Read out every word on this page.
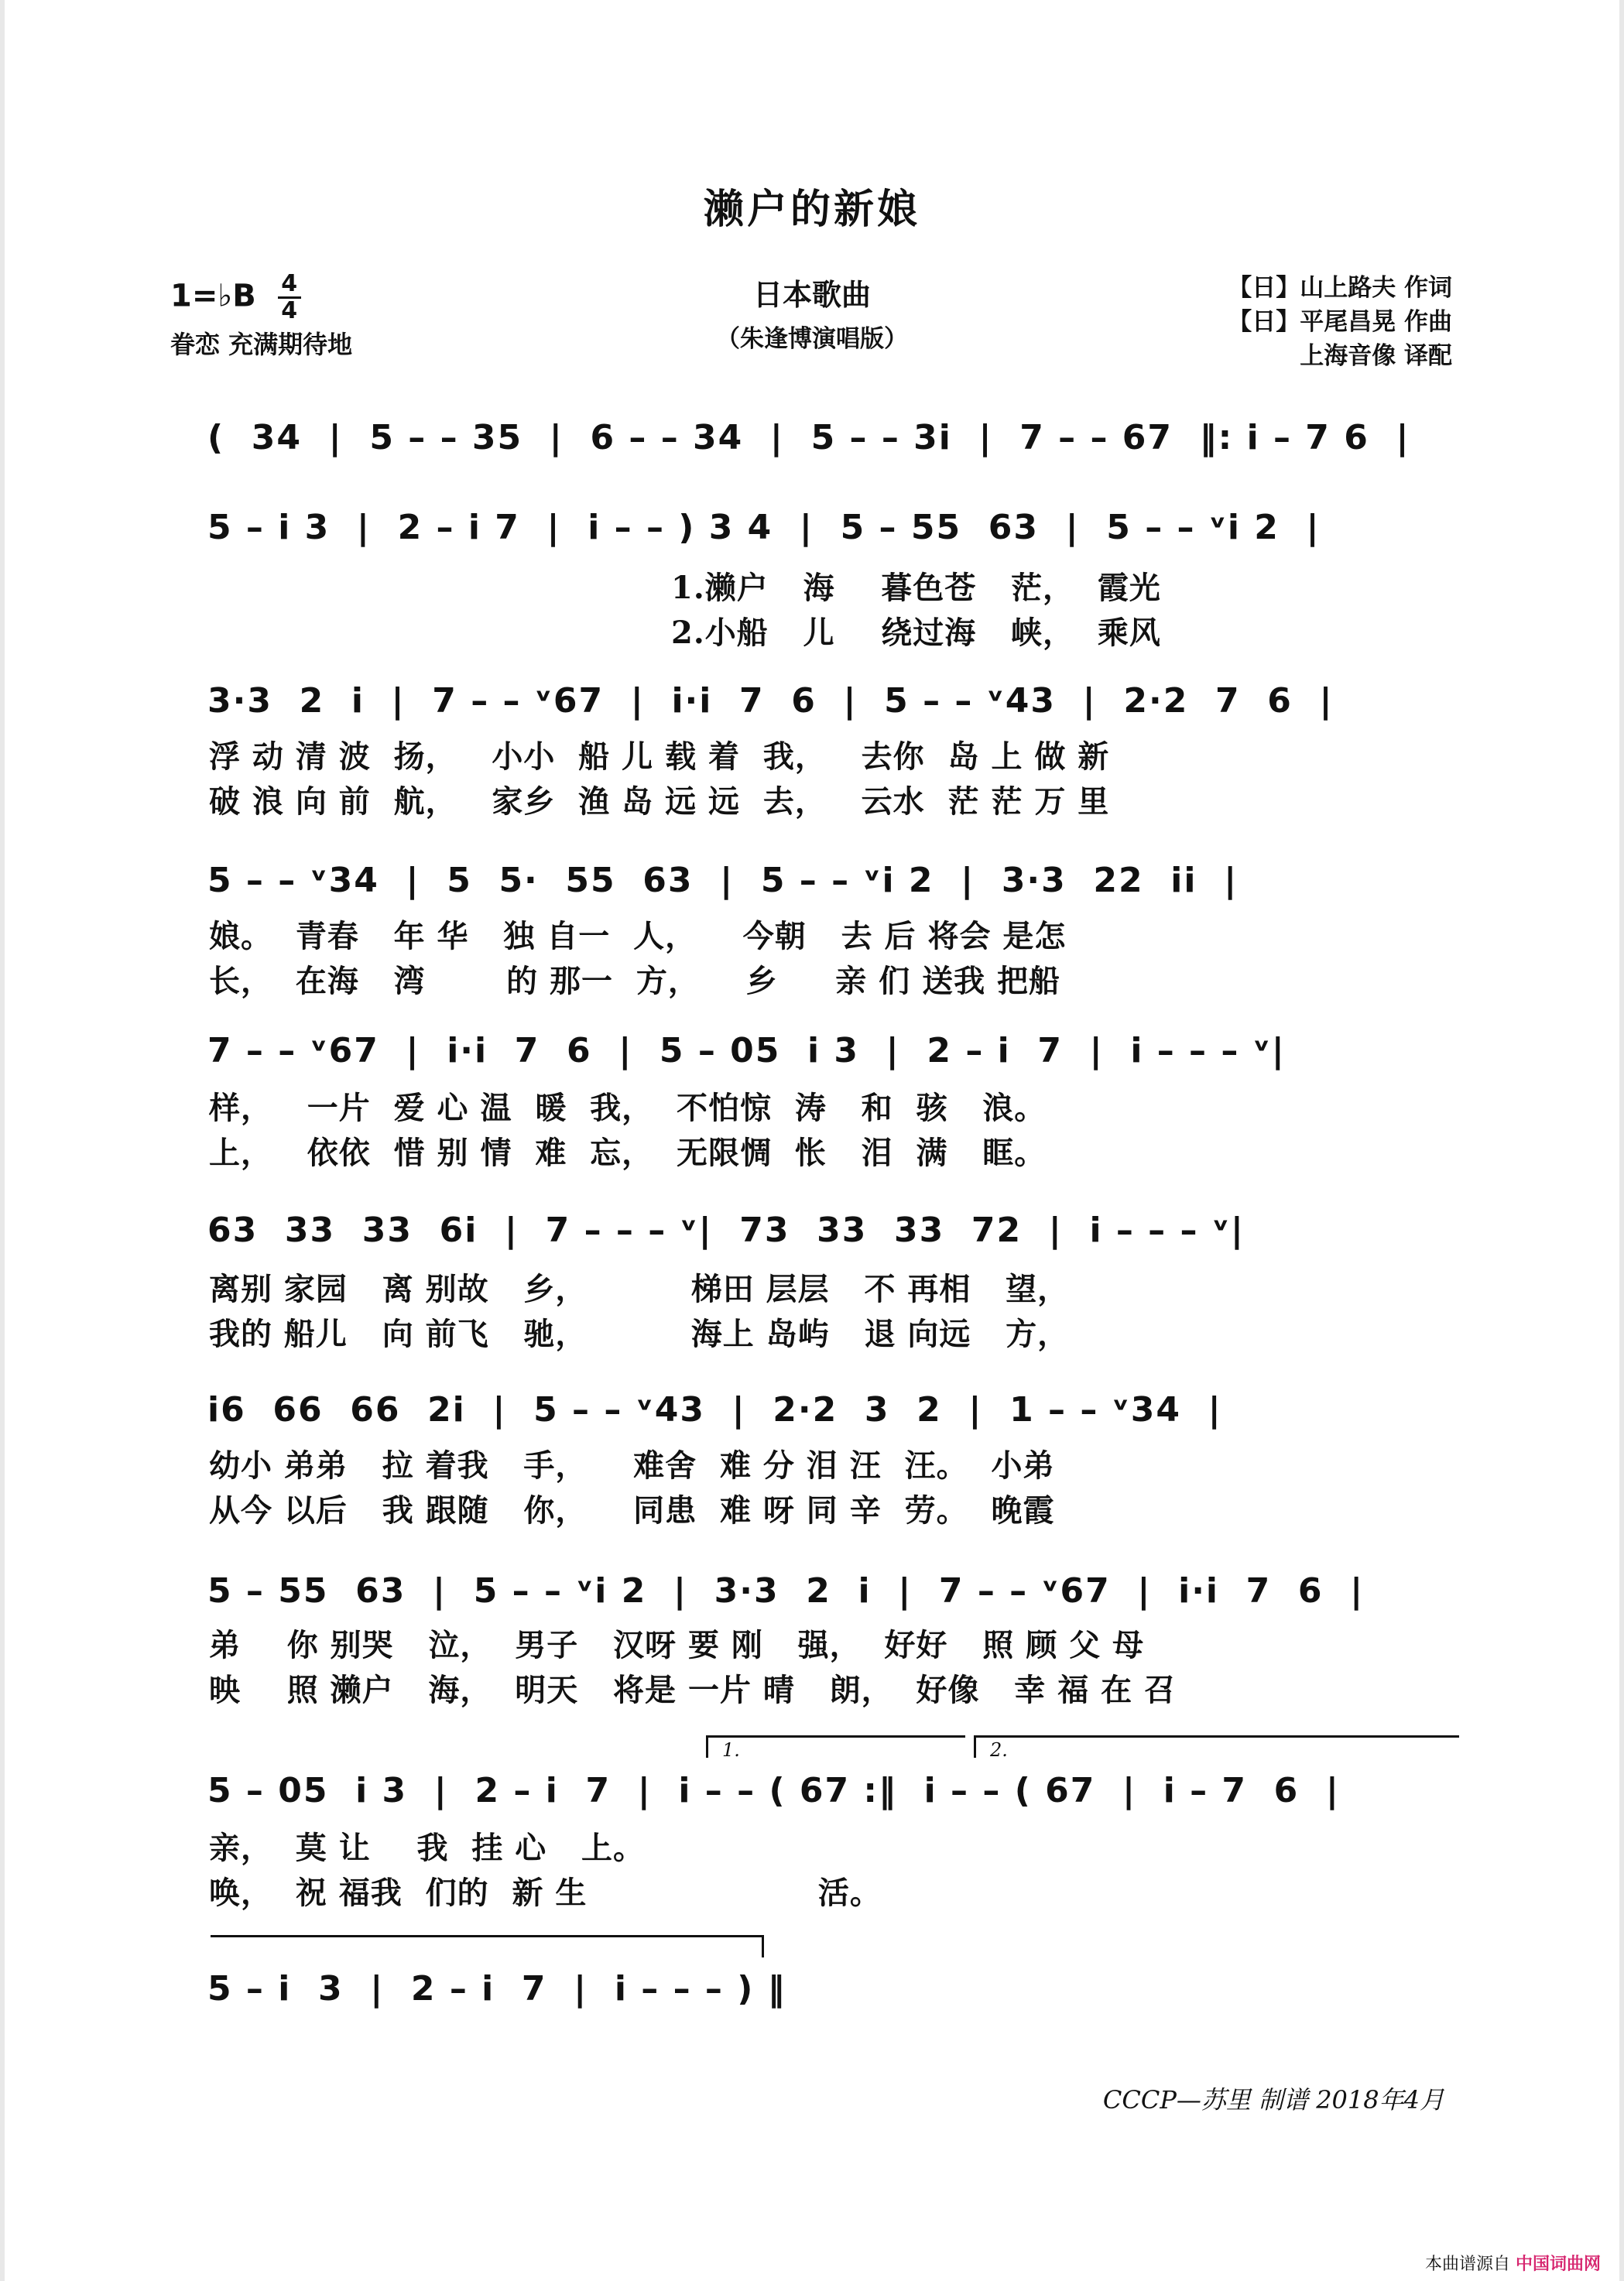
濑户的新娘
1=♭B $\frac{4}{4}$
眷恋 充满期待地
日本歌曲
（朱逢博演唱版）
【日】山上路夫 作词
【日】平尾昌晃 作曲
上海音像 译配
(  34  |  5 – – 35  |  6 – – 34  |  5 – – 3i  |  7 – – 67  ‖: i – 7 6  |
5 – i 3  |  2 – i 7  |  i – – ) 3 4  |  5 – 55  63  |  5 – – ᵛi 2  |
1.濑户   海    暮色苍   茫，  霞光
2.小船   儿    绕过海   峡，  乘风
3·3  2  i  |  7 – – ᵛ67  |  i·i  7  6  |  5 – – ᵛ43  |  2·2  7  6  |
浮 动 清 波  扬，   小小  船 儿 载 着  我，   去你  岛 上 做 新
破 浪 向 前  航，   家乡  渔 岛 远 远  去，   云水  茫 茫 万 里
5 – – ᵛ34  |  5  5·  55  63  |  5 – – ᵛi 2  |  3·3  22  ii  |
娘。  青春   年 华   独 自一  人，    今朝   去 后 将会 是怎
长，  在海   湾       的 那一  方，    乡     亲 们 送我 把船
7 – – ᵛ67  |  i·i  7  6  |  5 – 05  i 3  |  2 – i  7  |  i – – – ᵛ|
样，   一片  爱 心 温  暖  我，  不怕惊  涛   和  骇   浪。
上，   依依  惜 别 情  难  忘，  无限惆  怅   泪  满   眶。
63  33  33  6i  |  7 – – – ᵛ|  73  33  33  72  |  i – – – ᵛ|
离别 家园   离 别故   乡，         梯田 层层   不 再相   望，
我的 船儿   向 前飞   驰，         海上 岛屿   退 向远   方，
i6  66  66  2i  |  5 – – ᵛ43  |  2·2  3  2  |  1 – – ᵛ34  |
幼小 弟弟   拉 着我   手，    难舍  难 分 泪 汪  汪。  小弟
从今 以后   我 跟随   你，    同患  难 呀 同 辛  劳。  晚霞
5 – 55  63  |  5 – – ᵛi 2  |  3·3  2  i  |  7 – – ᵛ67  |  i·i  7  6  |
弟    你 别哭   泣，  男子   汉呀 要 刚   强，  好好   照 顾 父 母
映    照 濑户   海，  明天   将是 一片 晴   朗，  好像   幸 福 在 召
1.	2.
5 – 05  i 3  |  2 – i  7  |  i – – ( 67 :‖  i – – ( 67  |  i – 7  6  |
亲，  莫 让    我  挂 心   上。
唤，  祝 福我  们的  新 生                    活。
5 – i  3  |  2 – i  7  |  i – – – ) ‖
CCCP—苏里 制谱 2018年4月
本曲谱源自 中国词曲网
